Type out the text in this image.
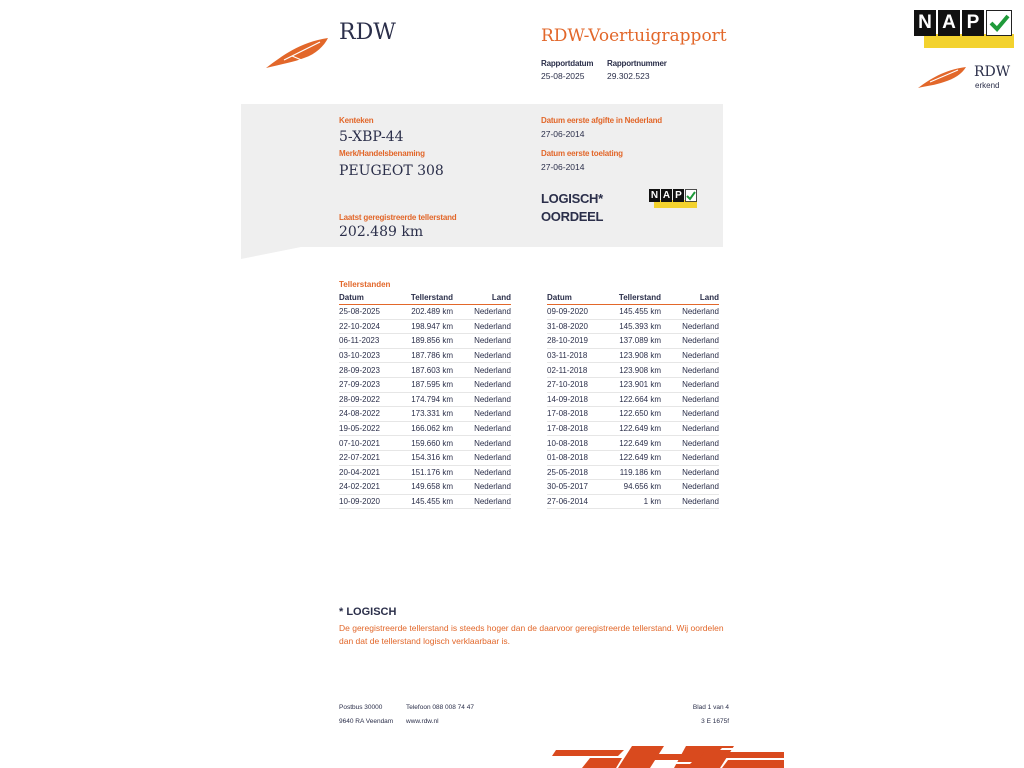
RDW	RDW-Voertuigrapport
Rapportdatum
25-08-2025
Rapportnummer
29.302.523
N A P
RDW
erkend
Kenteken
5-XBP-44
Merk/Handelsbenaming
PEUGEOT 308
Laatst geregistreerde tellerstand
202.489 km
Datum eerste afgifte in Nederland
27-06-2014
Datum eerste toelating
27-06-2014
LOGISCH*
OORDEEL
N A P
Tellerstanden
Datum	Tellerstand	Land
25-08-2025	202.489 km	Nederland
22-10-2024	198.947 km	Nederland
06-11-2023	189.856 km	Nederland
03-10-2023	187.786 km	Nederland
28-09-2023	187.603 km	Nederland
27-09-2023	187.595 km	Nederland
28-09-2022	174.794 km	Nederland
24-08-2022	173.331 km	Nederland
19-05-2022	166.062 km	Nederland
07-10-2021	159.660 km	Nederland
22-07-2021	154.316 km	Nederland
20-04-2021	151.176 km	Nederland
24-02-2021	149.658 km	Nederland
10-09-2020	145.455 km	Nederland
Datum	Tellerstand	Land
09-09-2020	145.455 km	Nederland
31-08-2020	145.393 km	Nederland
28-10-2019	137.089 km	Nederland
03-11-2018	123.908 km	Nederland
02-11-2018	123.908 km	Nederland
27-10-2018	123.901 km	Nederland
14-09-2018	122.664 km	Nederland
17-08-2018	122.650 km	Nederland
17-08-2018	122.649 km	Nederland
10-08-2018	122.649 km	Nederland
01-08-2018	122.649 km	Nederland
25-05-2018	119.186 km	Nederland
30-05-2017	94.656 km	Nederland
27-06-2014	1 km	Nederland
* LOGISCH
De geregistreerde tellerstand is steeds hoger dan de daarvoor geregistreerde tellerstand. Wij oordelen dan dat de tellerstand logisch verklaarbaar is.
Postbus 30000
9640 RA Veendam
Telefoon 088 008 74 47
www.rdw.nl
Blad 1 van 4
3 E 1675f
